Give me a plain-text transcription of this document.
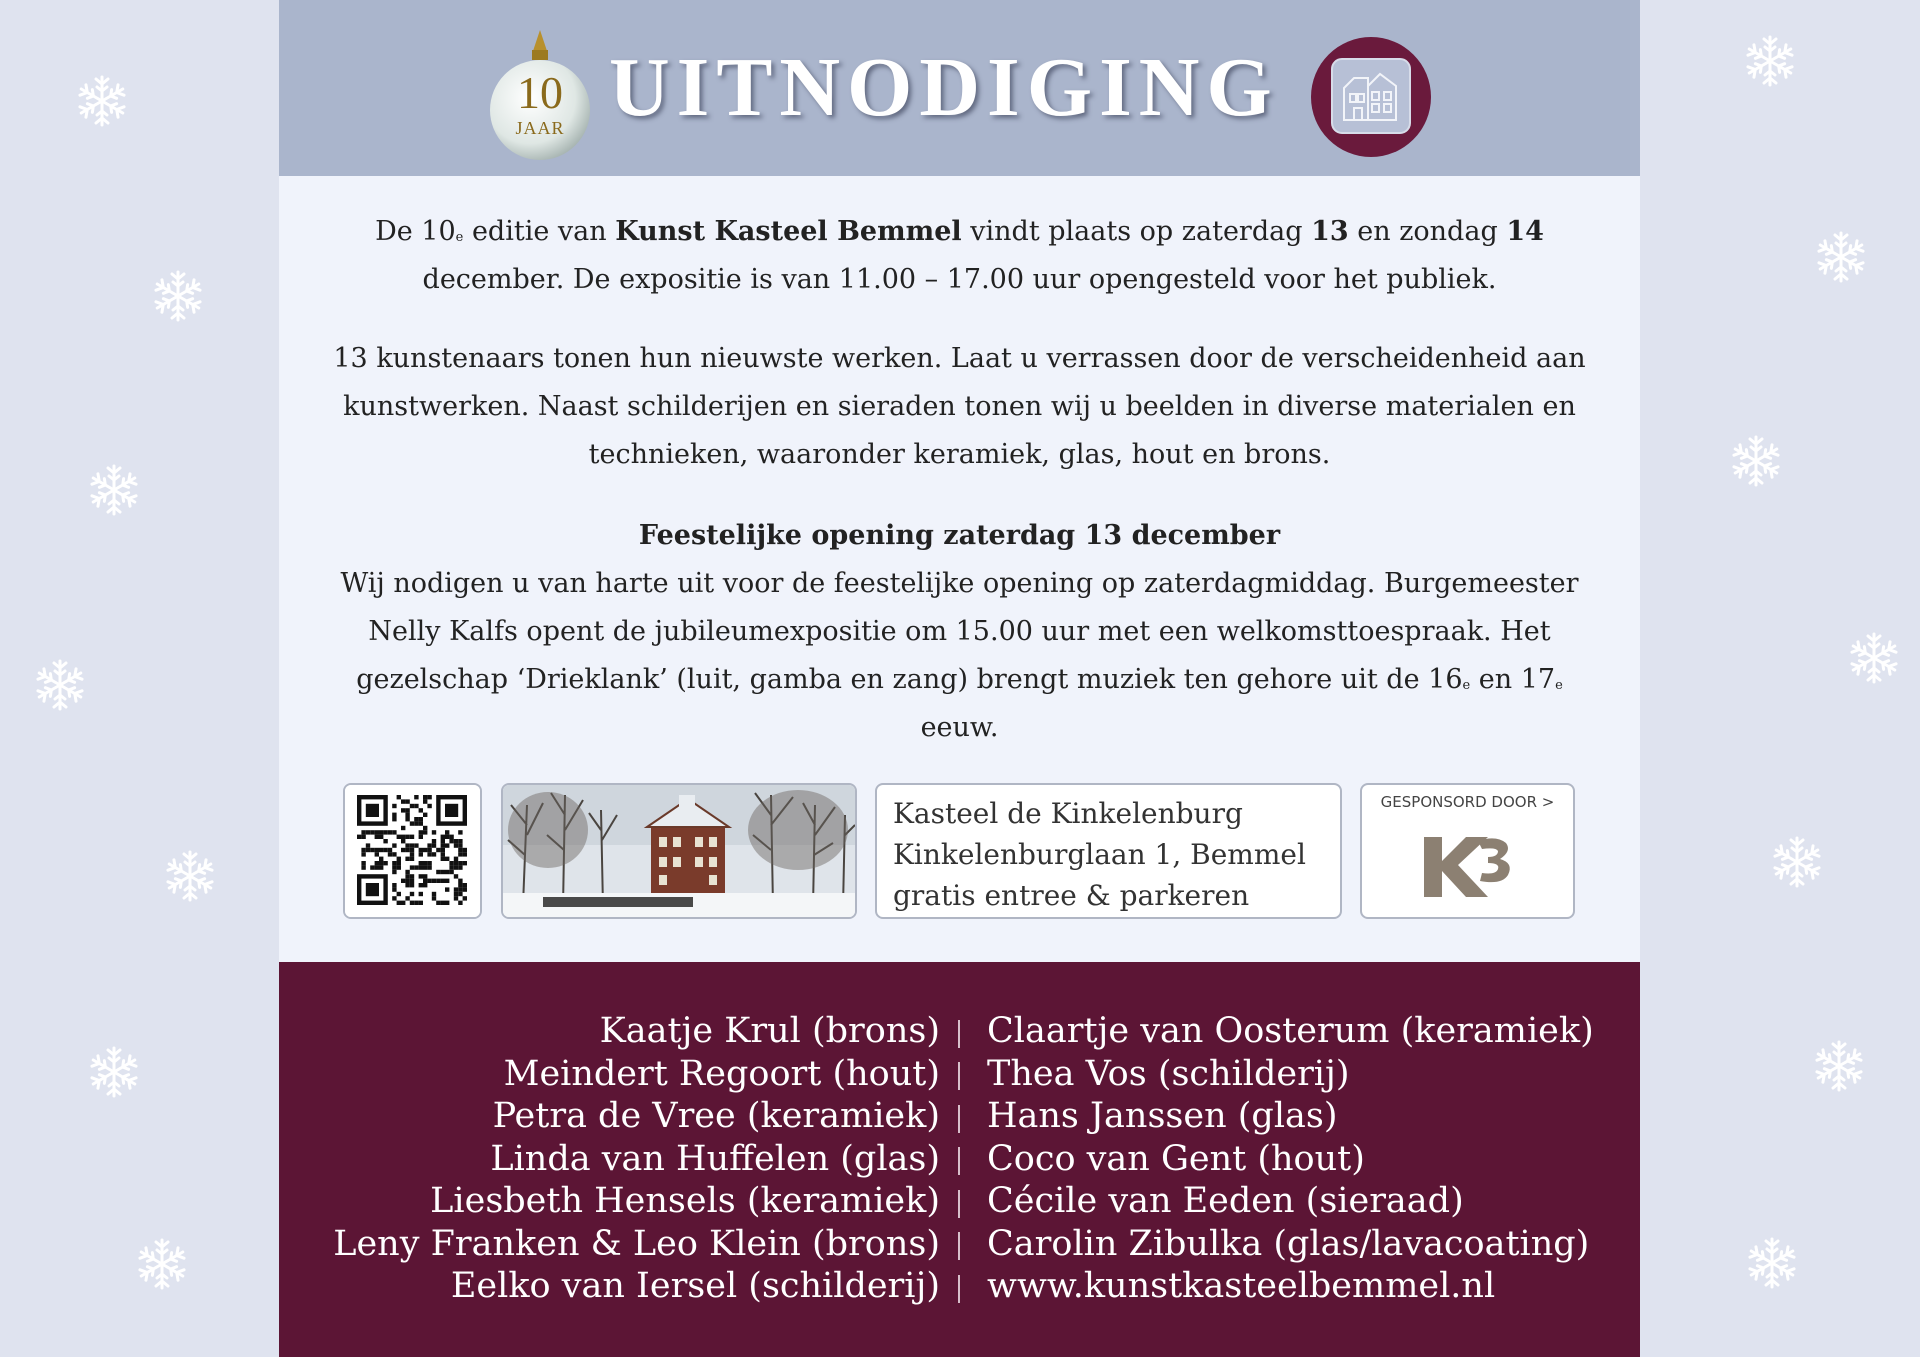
10
JAAR UITNODIGING
De 10e editie van Kunst Kasteel Bemmel vindt plaats op zaterdag 13 en zondag 14 december. De expositie is van 11.00 – 17.00 uur opengesteld voor het publiek.
13 kunstenaars tonen hun nieuwste werken. Laat u verrassen door de verscheidenheid aan kunstwerken. Naast schilderijen en sieraden tonen wij u beelden in diverse materialen en technieken, waaronder keramiek, glas, hout en brons.
Feestelijke opening zaterdag 13 december
Wij nodigen u van harte uit voor de feestelijke opening op zaterdagmiddag. Burgemeester Nelly Kalfs opent de jubileumexpositie om 15.00 uur met een welkomsttoespraak. Het gezelschap ‘Drieklank’ (luit, gamba en zang) brengt muziek ten gehore uit de 16e en 17e eeuw.
Kasteel de Kinkelenburg
Kinkelenburglaan 1, Bemmel
gratis entree & parkeren
GESPONSORD DOOR >
Kaatje Krul (brons)
Meindert Regoort (hout)
Petra de Vree (keramiek)
Linda van Huffelen (glas)
Liesbeth Hensels (keramiek)
Leny Franken & Leo Klein (brons)
Eelko van Iersel (schilderij)
Claartje van Oosterum (keramiek)
Thea Vos (schilderij)
Hans Janssen (glas)
Coco van Gent (hout)
Cécile van Eeden (sieraad)
Carolin Zibulka (glas/lavacoating)
www.kunstkasteelbemmel.nl
